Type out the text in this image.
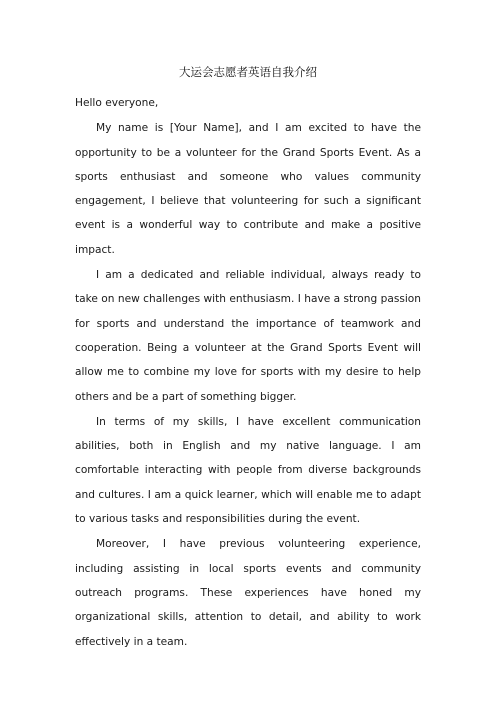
大运会志愿者英语自我介绍

Hello everyone,

My name is [Your Name], and I am excited to have the opportunity to be a volunteer for the Grand Sports Event. As a sports enthusiast and someone who values community engagement, I believe that volunteering for such a significant event is a wonderful way to contribute and make a positive impact.

I am a dedicated and reliable individual, always ready to take on new challenges with enthusiasm. I have a strong passion for sports and understand the importance of teamwork and cooperation. Being a volunteer at the Grand Sports Event will allow me to combine my love for sports with my desire to help others and be a part of something bigger.

In terms of my skills, I have excellent communication abilities, both in English and my native language. I am comfortable interacting with people from diverse backgrounds and cultures. I am a quick learner, which will enable me to adapt to various tasks and responsibilities during the event.

Moreover, I have previous volunteering experience, including assisting in local sports events and community outreach programs. These experiences have honed my organizational skills, attention to detail, and ability to work effectively in a team.
